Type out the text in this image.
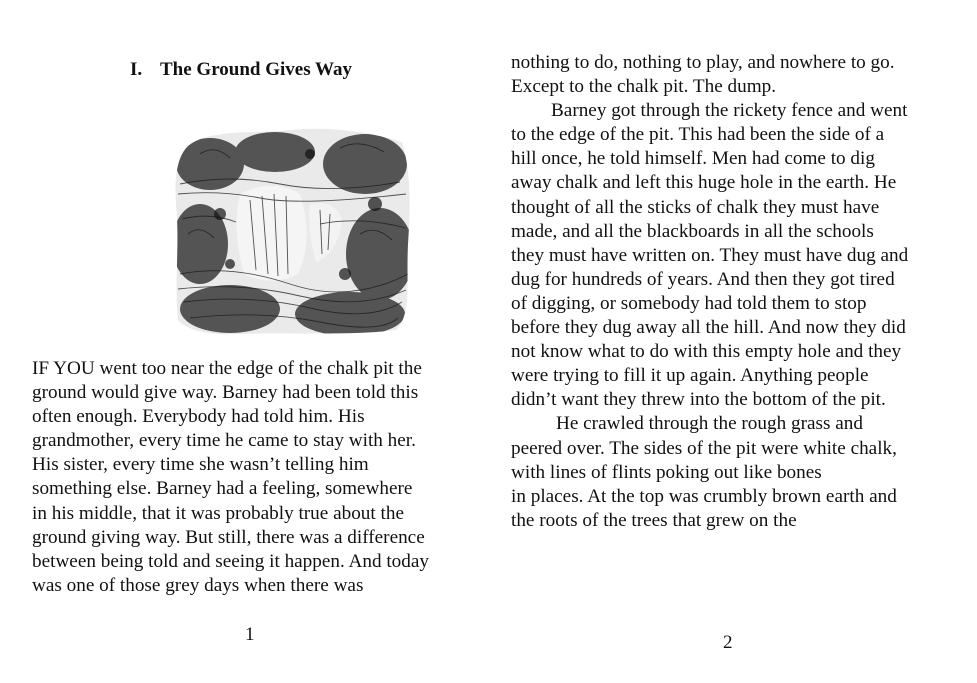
I. The Ground Gives Way

IF YOU went too near the edge of the chalk pit the
ground would give way. Barney had been told this
often enough. Everybody had told him. His
grandmother, every time he came to stay with her.
His sister, every time she wasn’t telling him
something else. Barney had a feeling, somewhere
in his middle, that it was probably true about the
ground giving way. But still, there was a difference
between being told and seeing it happen. And today
was one of those grey days when there was

1

nothing to do, nothing to play, and nowhere to go.
Except to the chalk pit. The dump.
Barney got through the rickety fence and went
to the edge of the pit. This had been the side of a
hill once, he told himself. Men had come to dig
away chalk and left this huge hole in the earth. He
thought of all the sticks of chalk they must have
made, and all the blackboards in all the schools
they must have written on. They must have dug and
dug for hundreds of years. And then they got tired
of digging, or somebody had told them to stop
before they dug away all the hill. And now they did
not know what to do with this empty hole and they
were trying to fill it up again. Anything people
didn’t want they threw into the bottom of the pit.
He crawled through the rough grass and
peered over. The sides of the pit were white chalk,
with lines of flints poking out like bones
in places. At the top was crumbly brown earth and
the roots of the trees that grew on the

2
